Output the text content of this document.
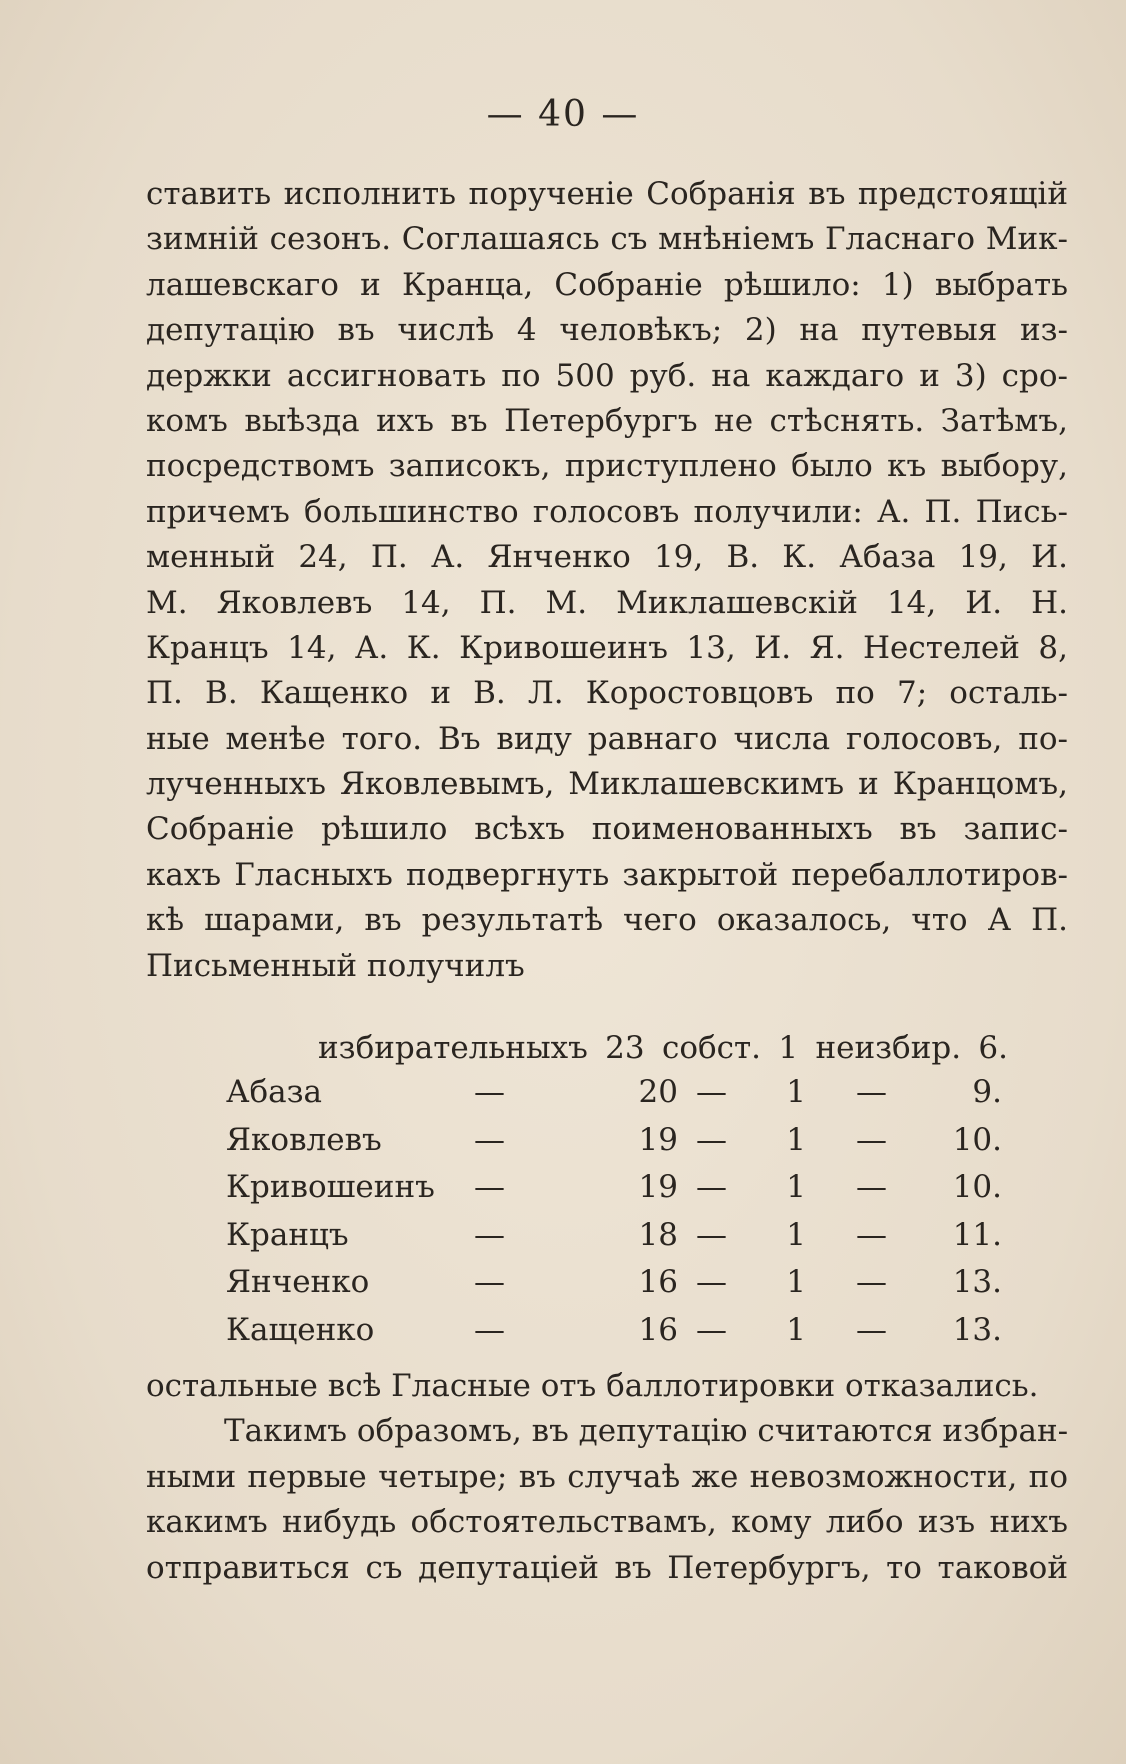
— 40 —
ставить исполнить порученіе Собранія въ предстоящій
зимній сезонъ. Соглашаясь съ мнѣніемъ Гласнаго Мик-
лашевскаго и Кранца, Собраніе рѣшило: 1) выбрать
депутацію въ числѣ 4 человѣкъ; 2) на путевыя из-
держки ассигновать по 500 руб. на каждаго и 3) сро-
комъ выѣзда ихъ въ Петербургъ не стѣснять. Затѣмъ,
посредствомъ записокъ, приступлено было къ выбору,
причемъ большинство голосовъ получили: А. П. Пись-
менный 24, П. А. Янченко 19, В. К. Абаза 19, И.
М. Яковлевъ 14, П. М. Миклашевскій 14, И. Н.
Кранцъ 14, А. К. Кривошеинъ 13, И. Я. Нестелей 8,
П. В. Кащенко и В. Л. Коростовцовъ по 7; осталь-
ные менѣе того. Въ виду равнаго числа голосовъ, по-
лученныхъ Яковлевымъ, Миклашевскимъ и Кранцомъ,
Собраніе рѣшило всѣхъ поименованныхъ въ запис-
кахъ Гласныхъ подвергнуть закрытой перебаллотиров-
кѣ шарами, въ результатѣ чего оказалось, что А П.
Письменный получилъ
избирательныхъ 23 собст. 1 неизбир. 6.
Абаза	—	20 —	1 —	9.
Яковлевъ	—	19 —	1 —	10.
Кривошеинъ —	19 —	1 —	10.
Кранцъ	—	18 —	1 —	11.
Янченко	—	16 —	1 —	13.
Кащенко	—	16 —	1 —	13.
остальные всѣ Гласные отъ баллотировки отказались.
Такимъ образомъ, въ депутацію считаются избран-
ными первые четыре; въ случаѣ же невозможности, по
какимъ нибудь обстоятельствамъ, кому либо изъ нихъ
отправиться съ депутаціей въ Петербургъ, то таковой
